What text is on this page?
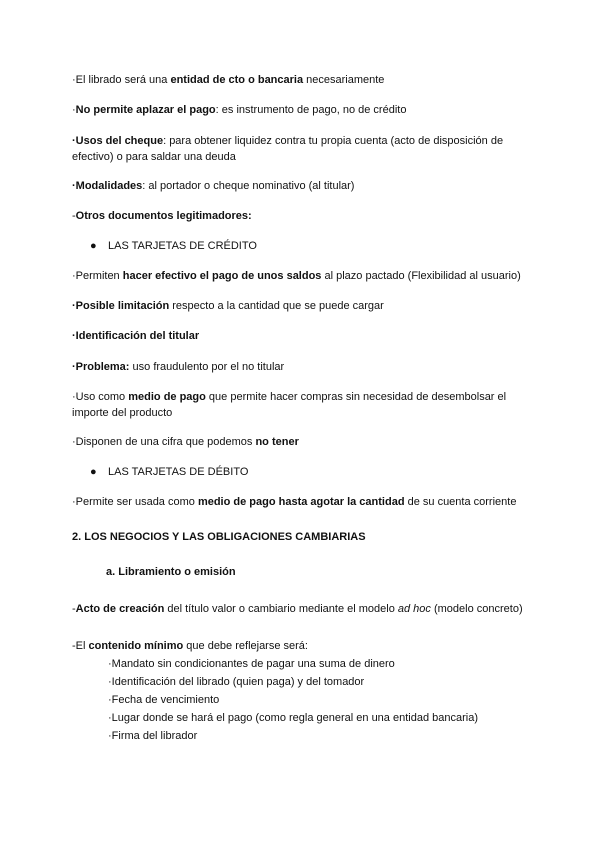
·El librado será una entidad de cto o bancaria necesariamente

·No permite aplazar el pago: es instrumento de pago, no de crédito

·Usos del cheque: para obtener liquidez contra tu propia cuenta (acto de disposición de efectivo) o para saldar una deuda

·Modalidades: al portador o cheque nominativo (al titular)

-Otros documentos legitimadores:

● LAS TARJETAS DE CRÉDITO

·Permiten hacer efectivo el pago de unos saldos al plazo pactado (Flexibilidad al usuario)

·Posible limitación respecto a la cantidad que se puede cargar

·Identificación del titular

·Problema: uso fraudulento por el no titular

·Uso como medio de pago que permite hacer compras sin necesidad de desembolsar el importe del producto

·Disponen de una cifra que podemos no tener

● LAS TARJETAS DE DÉBITO

·Permite ser usada como medio de pago hasta agotar la cantidad de su cuenta corriente

2. LOS NEGOCIOS Y LAS OBLIGACIONES CAMBIARIAS

a. Libramiento o emisión

-Acto de creación del título valor o cambiario mediante el modelo ad hoc (modelo concreto)

-El contenido mínimo que debe reflejarse será:

·Mandato sin condicionantes de pagar una suma de dinero

·Identificación del librado (quien paga) y del tomador

·Fecha de vencimiento

·Lugar donde se hará el pago (como regla general en una entidad bancaria)

·Firma del librador
